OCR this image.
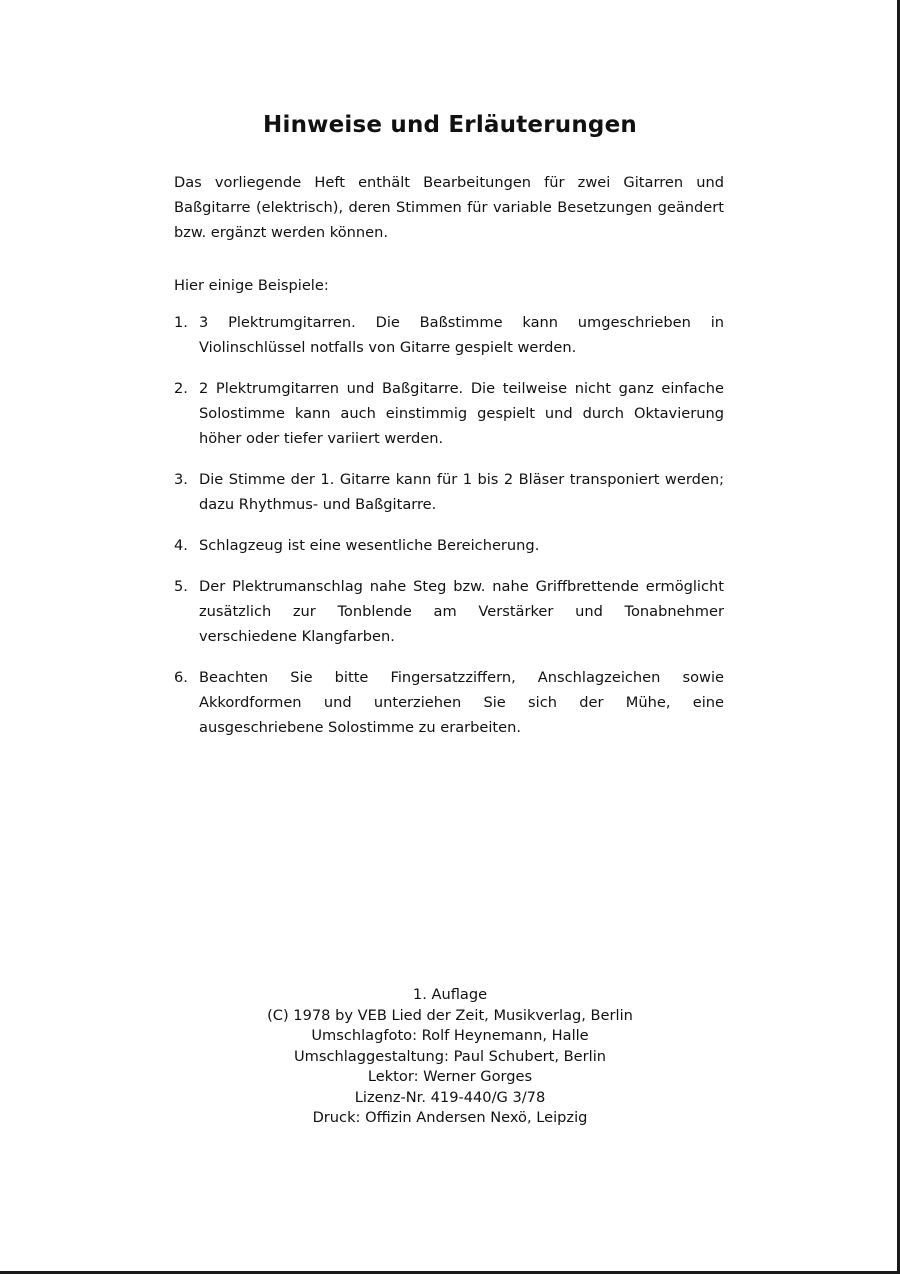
Hinweise und Erläuterungen

Das vorliegende Heft enthält Bearbeitungen für zwei Gitarren und Baßgitarre (elektrisch), deren Stimmen für variable Besetzungen geändert bzw. ergänzt werden können.

Hier einige Beispiele:

1. 3 Plektrumgitarren. Die Baßstimme kann umgeschrieben in Violinschlüssel notfalls von Gitarre gespielt werden.
2. 2 Plektrumgitarren und Baßgitarre. Die teilweise nicht ganz einfache Solostimme kann auch einstimmig gespielt und durch Oktavierung höher oder tiefer variiert werden.
3. Die Stimme der 1. Gitarre kann für 1 bis 2 Bläser transponiert werden; dazu Rhythmus- und Baßgitarre.
4. Schlagzeug ist eine wesentliche Bereicherung.
5. Der Plektrumanschlag nahe Steg bzw. nahe Griffbrettende ermöglicht zusätzlich zur Tonblende am Verstärker und Tonabnehmer verschiedene Klangfarben.
6. Beachten Sie bitte Fingersatzziffern, Anschlagzeichen sowie Akkordformen und unterziehen Sie sich der Mühe, eine ausgeschriebene Solostimme zu erarbeiten.
1. Auflage
(C) 1978 by VEB Lied der Zeit, Musikverlag, Berlin
Umschlagfoto: Rolf Heynemann, Halle
Umschlaggestaltung: Paul Schubert, Berlin
Lektor: Werner Gorges
Lizenz-Nr. 419-440/G 3/78
Druck: Offizin Andersen Nexö, Leipzig
